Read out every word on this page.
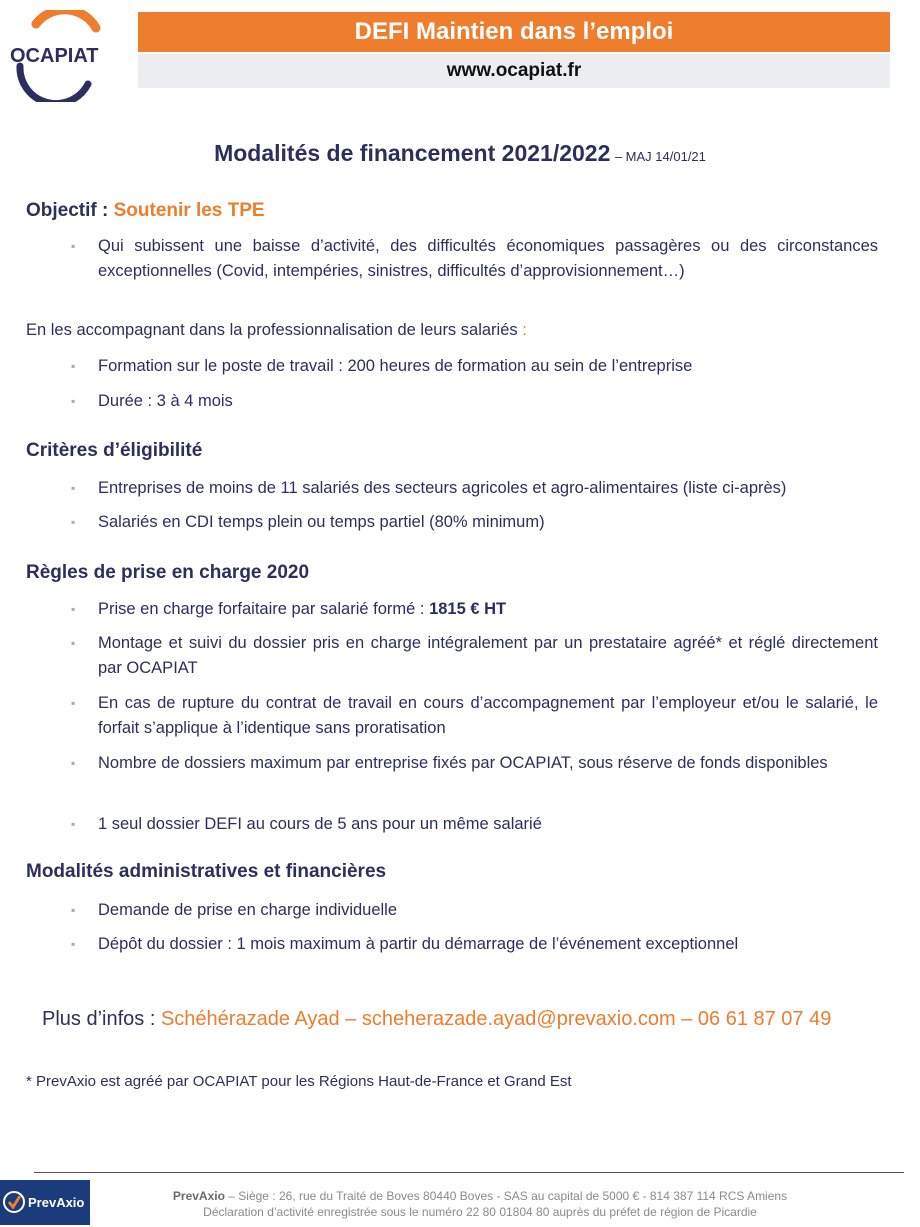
OCAPIAT
DEFI Maintien dans l’emploi
www.ocapiat.fr
Modalités de financement 2021/2022 – MAJ 14/01/21
Objectif : Soutenir les TPE
▪ Qui subissent une baisse d’activité, des difficultés économiques passagères ou des circonstances exceptionnelles (Covid, intempéries, sinistres, difficultés d’approvisionnement…)
En les accompagnant dans la professionnalisation de leurs salariés :
▪ Formation sur le poste de travail : 200 heures de formation au sein de l’entreprise
▪ Durée : 3 à 4 mois
Critères d’éligibilité
▪ Entreprises de moins de 11 salariés des secteurs agricoles et agro-alimentaires (liste ci-après)
▪ Salariés en CDI temps plein ou temps partiel (80% minimum)
Règles de prise en charge 2020
▪ Prise en charge forfaitaire par salarié formé : 1815 € HT
▪ Montage et suivi du dossier pris en charge intégralement par un prestataire agréé* et réglé directement par OCAPIAT
▪ En cas de rupture du contrat de travail en cours d’accompagnement par l’employeur et/ou le salarié, le forfait s’applique à l’identique sans proratisation
▪ Nombre de dossiers maximum par entreprise fixés par OCAPIAT, sous réserve de fonds disponibles
▪ 1 seul dossier DEFI au cours de 5 ans pour un même salarié
Modalités administratives et financières
▪ Demande de prise en charge individuelle
▪ Dépôt du dossier : 1 mois maximum à partir du démarrage de l’événement exceptionnel
Plus d’infos : Schéhérazade Ayad – scheherazade.ayad@prevaxio.com – 06 61 87 07 49
* PrevAxio est agréé par OCAPIAT pour les Régions Haut-de-France et Grand Est
PrevAxio	PrevAxio – Siège : 26, rue du Traité de Boves 80440 Boves - SAS au capital de 5000 € - 814 387 114 RCS Amiens
Déclaration d’activité enregistrée sous le numéro 22 80 01804 80 auprès du préfet de région de Picardie
